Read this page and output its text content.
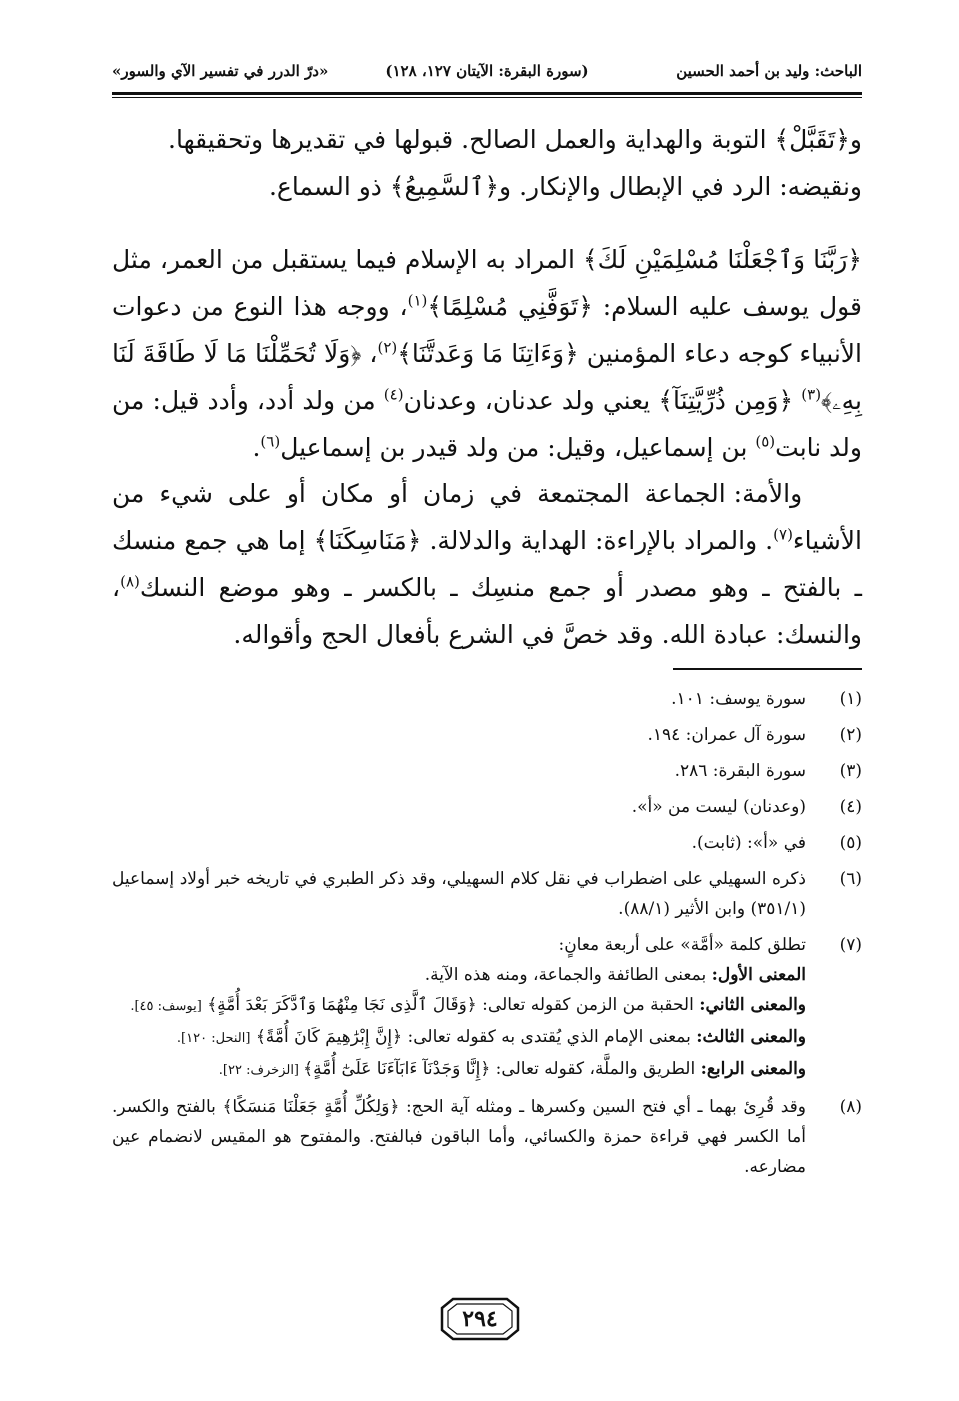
الباحث: وليد بن أحمد الحسين
(سورة البقرة: الآيتان ١٢٧، ١٢٨)
«درّ الدرر في تفسير الآي والسور»

و﴿تَقَبَّلْ﴾ التوبة والهداية والعمل الصالح. قبولها في تقديرها وتحقيقها.

ونقيضه: الرد في الإبطال والإنكار. و﴿ٱلسَّمِيعُ﴾ ذو السماع.

﴿رَبَّنَا وَٱجْعَلْنَا مُسْلِمَيْنِ لَكَ﴾ المراد به الإسلام فيما يستقبل من العمر، مثل قول يوسف عليه السلام: ﴿تَوَفَّنِي مُسْلِمًا﴾$^{(١)}$، ووجه هذا النوع من دعوات الأنبياء كوجه دعاء المؤمنين ﴿وَءَاتِنَا مَا وَعَدتَّنَا﴾$^{(٢)}$، ﴿وَلَا تُحَمِّلْنَا مَا لَا طَاقَةَ لَنَا بِهِۦ﴾$^{(٣)}$ ﴿وَمِن ذُرِّيَّتِنَآ﴾ يعني ولد عدنان، وعدنان$^{(٤)}$ من ولد أدد، وأدد قيل: من ولد نابت$^{(٥)}$ بن إسماعيل، وقيل: من ولد قيدر بن إسماعيل$^{(٦)}$.

والأمة: الجماعة المجتمعة في زمان أو مكان أو على شيء من الأشياء$^{(٧)}$. والمراد بالإراءة: الهداية والدلالة. ﴿مَنَاسِكَنَا﴾ إما هي جمع منسك ـ بالفتح ـ وهو مصدر أو جمع منسِك ـ بالكسر ـ وهو موضع النسك$^{(٨)}$، والنسك: عبادة الله. وقد خصَّ في الشرع بأفعال الحج وأقواله.

(١)
سورة يوسف: ١٠١.
(٢)
سورة آل عمران: ١٩٤.
(٣)
سورة البقرة: ٢٨٦.
(٤)
(وعدنان) ليست من «أ».
(٥)
في «أ»: (ثابت).
(٦)
ذكره السهيلي على اضطراب في نقل كلام السهيلي، وقد ذكر الطبري في تاريخه خبر أولاد إسماعيل (٣٥١/١) وابن الأثير (٨٨/١).
(٧)
تطلق كلمة «أمَّة» على أربعة معانٍ:
المعنى الأول: بمعنى الطائفة والجماعة، ومنه هذه الآية.
والمعنى الثاني: الحقبة من الزمن كقوله تعالى: ﴿وَقَالَ ٱلَّذِى نَجَا مِنْهُمَا وَٱدَّكَرَ بَعْدَ أُمَّةٍ﴾ [يوسف: ٤٥].
والمعنى الثالث: بمعنى الإمام الذي يُقتدى به كقوله تعالى: ﴿إِنَّ إِبْرَٰهِيمَ كَانَ أُمَّةً﴾ [النحل: ١٢٠].
والمعنى الرابع: الطريق والملَّة، كقوله تعالى: ﴿إِنَّا وَجَدْنَآ ءَابَآءَنَا عَلَىٰٓ أُمَّةٍ﴾ [الزخرف: ٢٢].
(٨)
وقد قُرِئ بهما ـ أي فتح السين وكسرها ـ ومثله آية الحج: ﴿وَلِكُلِّ أُمَّةٍ جَعَلْنَا مَنسَكًا﴾ بالفتح والكسر. أما الكسر فهي قراءة حمزة والكسائي، وأما الباقون فبالفتح. والمفتوح هو المقيس لانضمام عين مضارعه.
٢٩٤
